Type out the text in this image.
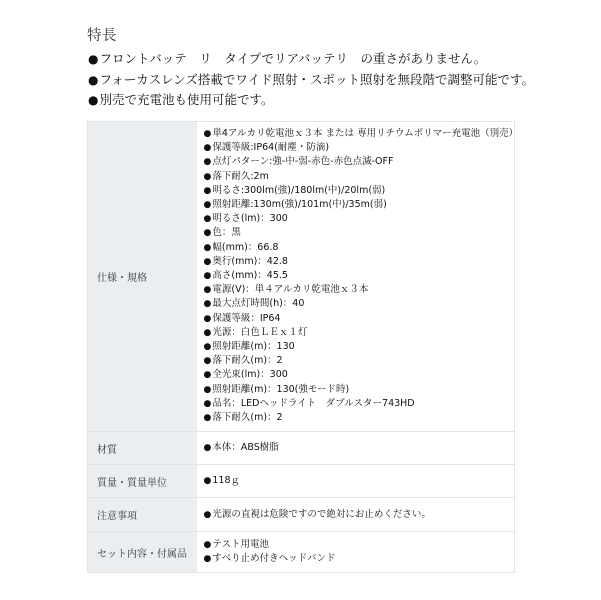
特長
●フロントバッテ　リ　タイプでリアバッテリ　の重さがありません。
●フォーカスレンズ搭載でワイド照射・スポット照射を無段階で調整可能です。
●別売で充電池も使用可能です。
仕様・規格	
● 単4アルカリ乾電池ｘ３本 または 専用リチウムポリマー充電池（別売）
● 保護等級:IP64(耐塵・防滴)
● 点灯パターン:強-中-弱-赤色-赤色点滅-OFF
● 落下耐久:2m
● 明るさ:300lm(強)/180lm(中)/20lm(弱)
● 照射距離:130m(強)/101m(中)/35m(弱)
● 明るさ(lm)：300
● 色：黒
● 幅(mm)：66.8
● 奥行(mm)：42.8
● 高さ(mm)：45.5
● 電源(V)：単４アルカリ乾電池ｘ３本
● 最大点灯時間(h)：40
● 保護等級：IP64
● 光源：白色ＬＥｘ１灯
● 照射距離(m)：130
● 落下耐久(m)：2
● 全光束(lm)：300
● 照射距離(m)：130(強モード時)
● 品名：LEDヘッドライト　ダブルスター743HD
● 落下耐久(m)：2

材質	
●本体：ABS樹脂

質量・質量単位	
●118ｇ

注意事項	
●光源の直視は危険ですので絶対にお止めください。

セット内容・付属品	
● テスト用電池
● すべり止め付きヘッドバンド
